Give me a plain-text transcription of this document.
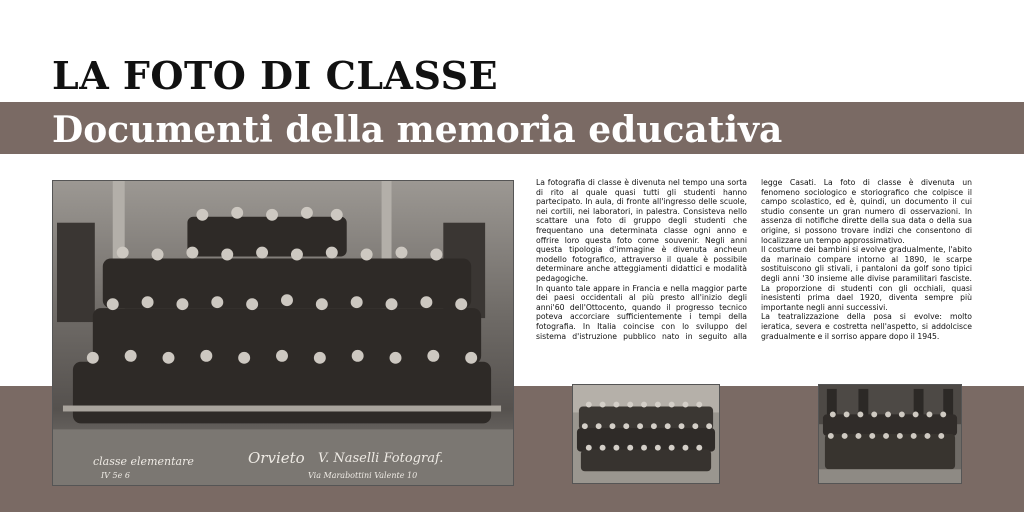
LA FOTO DI CLASSE
Documenti della memoria educativa
classe elementare	Orvieto V. Naselli Fotograf.
IV 5e 6	Via Marabottini Valente 10

La fotografia di classe è divenuta nel tempo una sorta di rito al quale quasi tutti gli studenti hanno partecipato. In aula, di fronte all'ingresso delle scuole, nei cortili, nei laboratori, in palestra. Consisteva nello scattare una foto di gruppo degli studenti che frequentano una determinata classe ogni anno e offrire loro questa foto come souvenir. Negli anni questa tipologia d'immagine è divenuta ancheun modello fotografico, attraverso il quale è possibile determinare anche atteggiamenti didattici e modalità pedagogiche.

In quanto tale appare in Francia e nella maggior parte dei paesi occidentali al più presto all'inizio degli anni'60 dell'Ottocento, quando il progresso tecnico poteva accorciare sufficientemente i tempi della fotografia. In Italia coincise con lo sviluppo del sistema d'istruzione pubblico nato in seguito alla legge Casati. La foto di classe è divenuta un fenomeno sociologico e storiografico che colpisce il campo scolastico, ed è, quindi, un documento il cui studio consente un gran numero di osservazioni. In assenza di notifiche dirette della sua data o della sua origine, si possono trovare indizi che consentono di localizzare un tempo approssimativo.

Il costume dei bambini si evolve gradualmente, l'abito da marinaio compare intorno al 1890, le scarpe sostituiscono gli stivali, i pantaloni da golf sono tipici degli anni '30 insieme alle divise paramilitari fasciste. La proporzione di studenti con gli occhiali, quasi inesistenti prima dael 1920, diventa sempre più importante negli anni successivi.

La teatralizzazione della posa si evolve: molto ieratica, severa e costretta nell'aspetto, si addolcisce gradualmente e il sorriso appare dopo il 1945.
